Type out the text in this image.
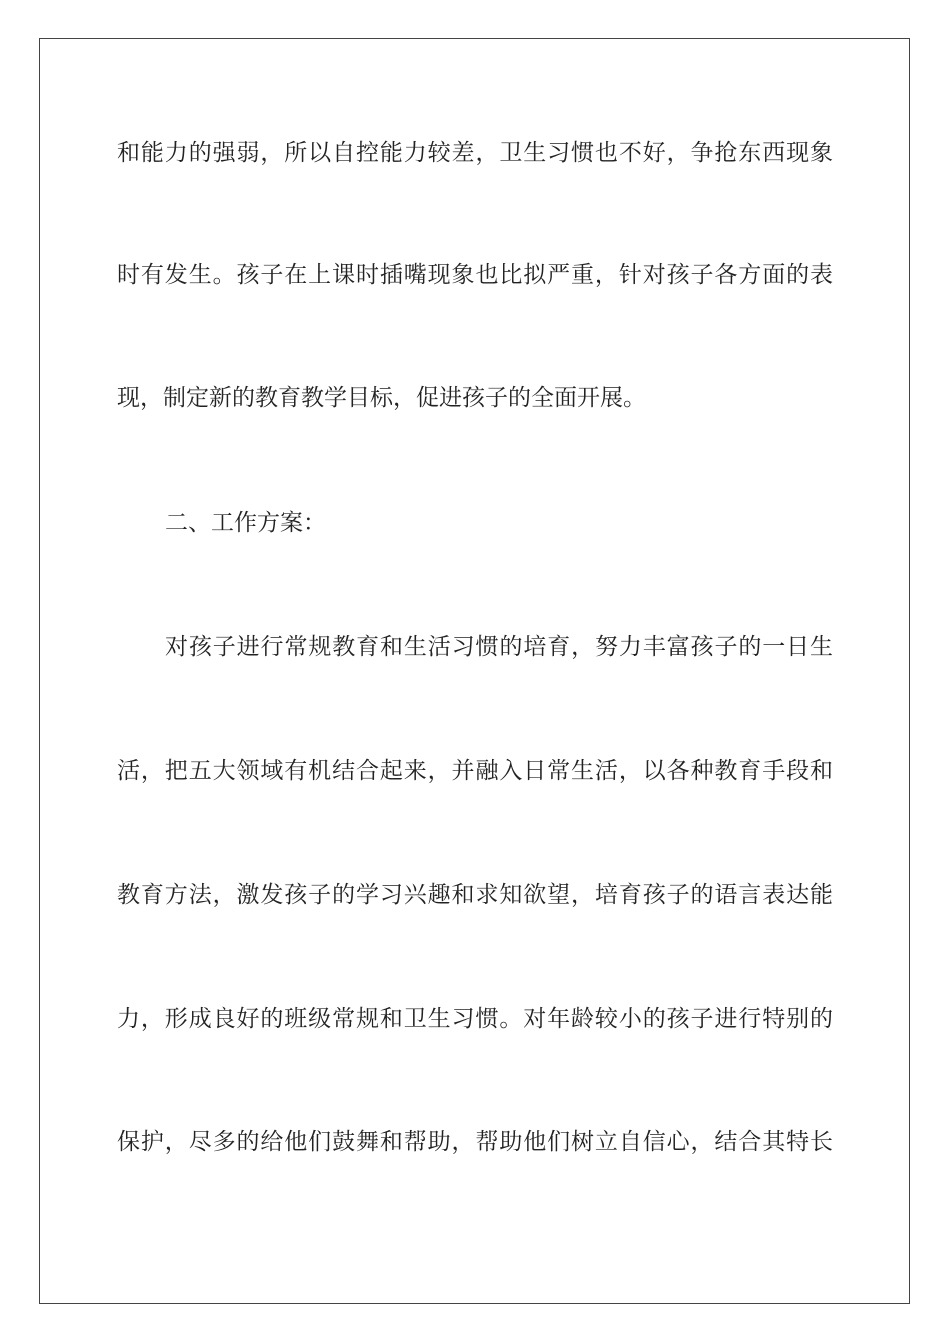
和能力的强弱，所以自控能力较差，卫生习惯也不好，争抢东西现象
时有发生。孩子在上课时插嘴现象也比拟严重，针对孩子各方面的表
现，制定新的教育教学目标，促进孩子的全面开展。
二、工作方案：
对孩子进行常规教育和生活习惯的培育，努力丰富孩子的一日生
活，把五大领域有机结合起来，并融入日常生活，以各种教育手段和
教育方法，激发孩子的学习兴趣和求知欲望，培育孩子的语言表达能
力，形成良好的班级常规和卫生习惯。对年龄较小的孩子进行特别的
保护，尽多的给他们鼓舞和帮助，帮助他们树立自信心，结合其特长
